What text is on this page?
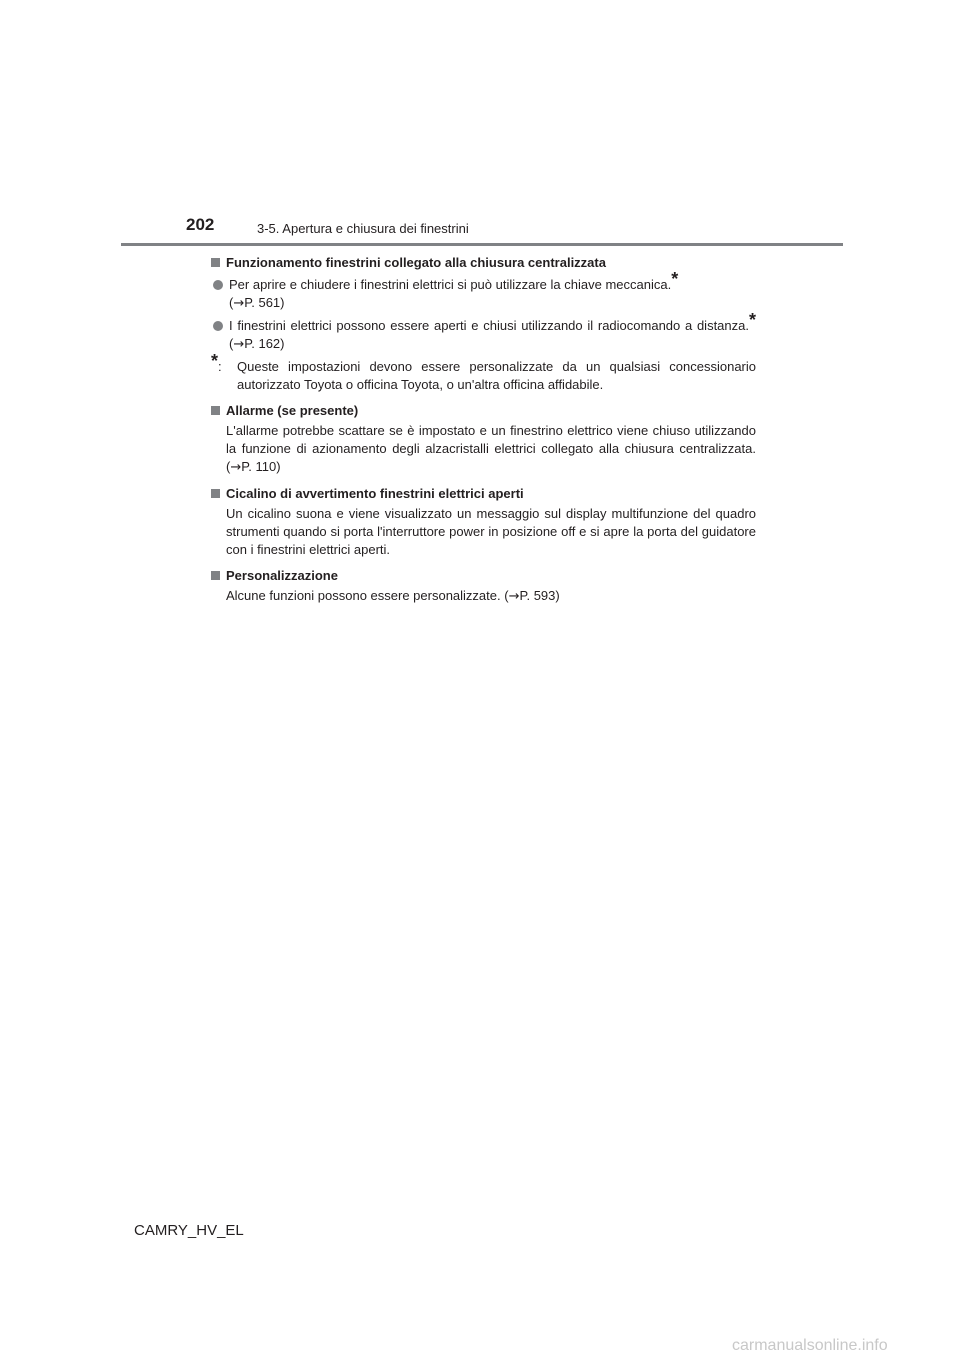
202	3-5. Apertura e chiusura dei finestrini
Funzionamento finestrini collegato alla chiusura centralizzata
Per aprire e chiudere i finestrini elettrici si può utilizzare la chiave meccanica.*
(→P. 561)
I finestrini elettrici possono essere aperti e chiusi utilizzando il radiocomando a distanza.* (→P. 162)
*:	Queste impostazioni devono essere personalizzate da un qualsiasi concessionario autorizzato Toyota o officina Toyota, o un'altra officina affidabile.
Allarme (se presente)
L'allarme potrebbe scattare se è impostato e un finestrino elettrico viene chiuso utilizzando la funzione di azionamento degli alzacristalli elettrici collegato alla chiusura centralizzata. (→P. 110)
Cicalino di avvertimento finestrini elettrici aperti
Un cicalino suona e viene visualizzato un messaggio sul display multifunzione del quadro strumenti quando si porta l'interruttore power in posizione off e si apre la porta del guidatore con i finestrini elettrici aperti.
Personalizzazione
Alcune funzioni possono essere personalizzate. (→P. 593)
CAMRY_HV_EL
carmanualsonline.info
